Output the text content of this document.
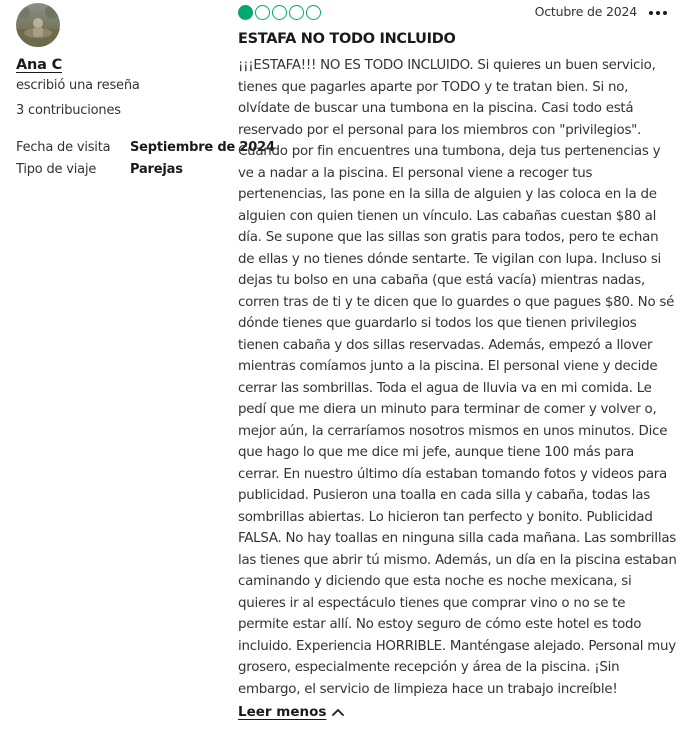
Ana C
escribió una reseña
3 contribuciones
Fecha de visita	Septiembre de 2024
Tipo de viaje	Parejas
Octubre de 2024
ESTAFA NO TODO INCLUIDO
¡¡¡ESTAFA!!! NO ES TODO INCLUIDO. Si quieres un buen servicio, tienes que pagarles aparte por TODO y te tratan bien. Si no, olvídate de buscar una tumbona en la piscina. Casi todo está reservado por el personal para los miembros con "privilegios". Cuando por fin encuentres una tumbona, deja tus pertenencias y ve a nadar a la piscina. El personal viene a recoger tus pertenencias, las pone en la silla de alguien y las coloca en la de alguien con quien tienen un vínculo. Las cabañas cuestan $80 al día. Se supone que las sillas son gratis para todos, pero te echan de ellas y no tienes dónde sentarte. Te vigilan con lupa. Incluso si dejas tu bolso en una cabaña (que está vacía) mientras nadas, corren tras de ti y te dicen que lo guardes o que pagues $80. No sé dónde tienes que guardarlo si todos los que tienen privilegios tienen cabaña y dos sillas reservadas. Además, empezó a llover mientras comíamos junto a la piscina. El personal viene y decide cerrar las sombrillas. Toda el agua de lluvia va en mi comida. Le pedí que me diera un minuto para terminar de comer y volver o, mejor aún, la cerraríamos nosotros mismos en unos minutos. Dice que hago lo que me dice mi jefe, aunque tiene 100 más para cerrar. En nuestro último día estaban tomando fotos y videos para publicidad. Pusieron una toalla en cada silla y cabaña, todas las sombrillas abiertas. Lo hicieron tan perfecto y bonito. Publicidad FALSA. No hay toallas en ninguna silla cada mañana. Las sombrillas las tienes que abrir tú mismo. Además, un día en la piscina estaban caminando y diciendo que esta noche es noche mexicana, si quieres ir al espectáculo tienes que comprar vino o no se te permite estar allí. No estoy seguro de cómo este hotel es todo incluido. Experiencia HORRIBLE. Manténgase alejado. Personal muy grosero, especialmente recepción y área de la piscina. ¡Sin embargo, el servicio de limpieza hace un trabajo increíble!
Leer menos
